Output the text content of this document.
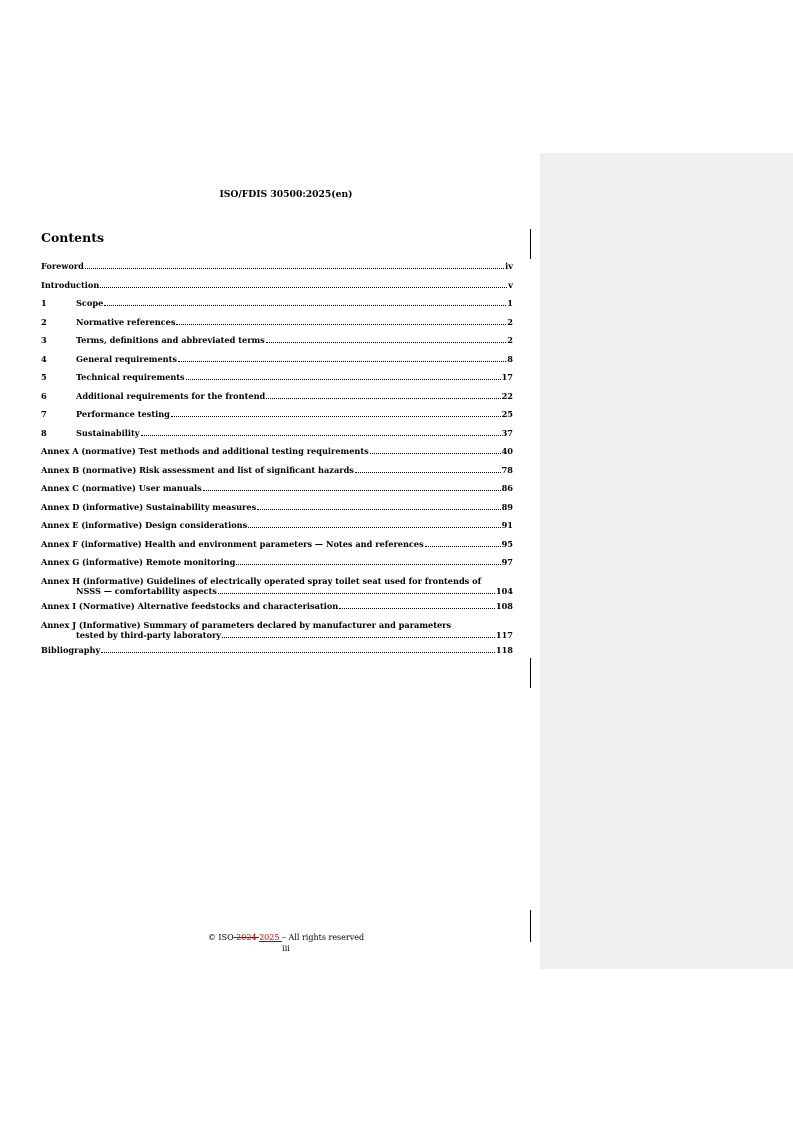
ISO/FDIS 30500:2025(en)
Contents
Foreword	iv
Introduction	v
1	Scope	1
2	Normative references	2
3	Terms, definitions and abbreviated terms	2
4	General requirements	8
5	Technical requirements	17
6	Additional requirements for the frontend	22
7	Performance testing	25
8	Sustainability	37
Annex A (normative) Test methods and additional testing requirements	40
Annex B (normative) Risk assessment and list of significant hazards	78
Annex C (normative) User manuals	86
Annex D (informative) Sustainability measures	89
Annex E (informative) Design considerations	91
Annex F (informative) Health and environment parameters — Notes and references	95
Annex G (informative) Remote monitoring	97
Annex H (informative) Guidelines of electrically operated spray toilet seat used for frontends of
NSSS — comfortability aspects	104
Annex I (Normative) Alternative feedstocks and characterisation	108
Annex J (Informative) Summary of parameters declared by manufacturer and parameters
tested by third-party laboratory	117
Bibliography	118
© ISO 2024 2025 – All rights reserved
iii
